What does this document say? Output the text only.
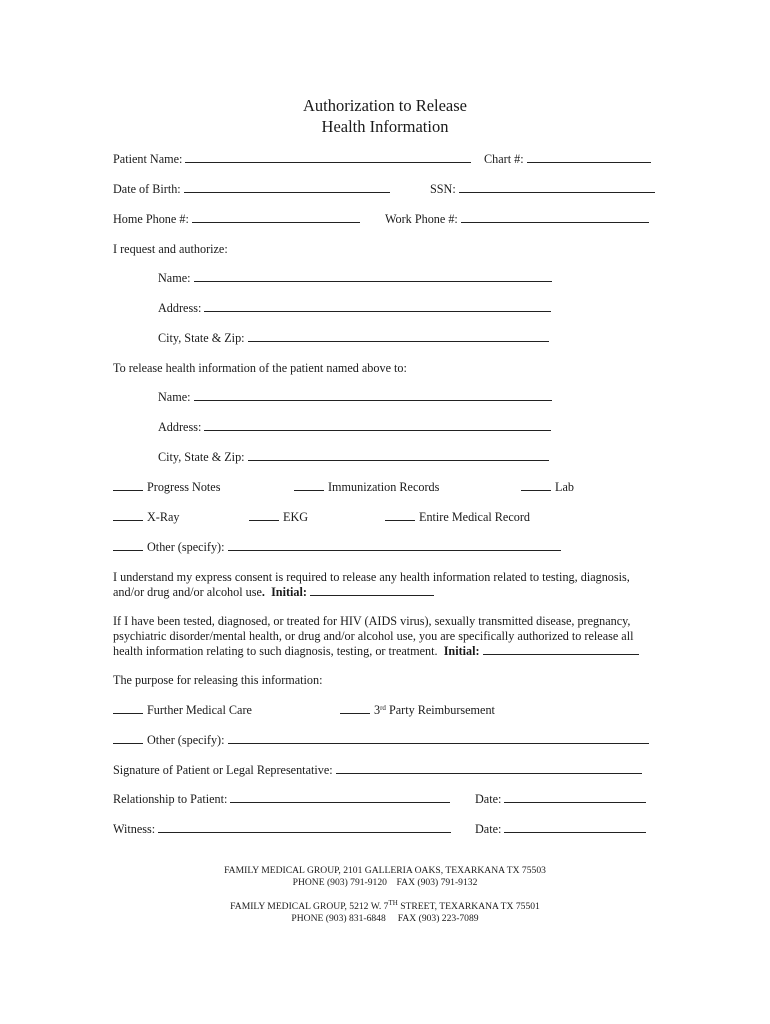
Authorization to Release
Health Information
Patient Name:	Chart #:
Date of Birth:	SSN:
Home Phone #:	Work Phone #:
I request and authorize:
Name:
Address:
City, State & Zip:
To release health information of the patient named above to:
Name:
Address:
City, State & Zip:
Progress Notes	Immunization Records	Lab
X-Ray	EKG	Entire Medical Record
Other (specify):
I understand my express consent is required to release any health information related to testing, diagnosis, and/or drug and/or alcohol use. Initial:
If I have been tested, diagnosed, or treated for HIV (AIDS virus), sexually transmitted disease, pregnancy, psychiatric disorder/mental health, or drug and/or alcohol use, you are specifically authorized to release all health information relating to such diagnosis, testing, or treatment. Initial:
The purpose for releasing this information:
Further Medical Care	3rd Party Reimbursement
Other (specify):
Signature of Patient or Legal Representative:
Relationship to Patient:	Date:
Witness:	Date:
FAMILY MEDICAL GROUP, 2101 GALLERIA OAKS, TEXARKANA TX 75503
PHONE (903) 791-9120    FAX (903) 791-9132
FAMILY MEDICAL GROUP, 5212 W. 7TH STREET, TEXARKANA TX 75501
PHONE (903) 831-6848     FAX (903) 223-7089
